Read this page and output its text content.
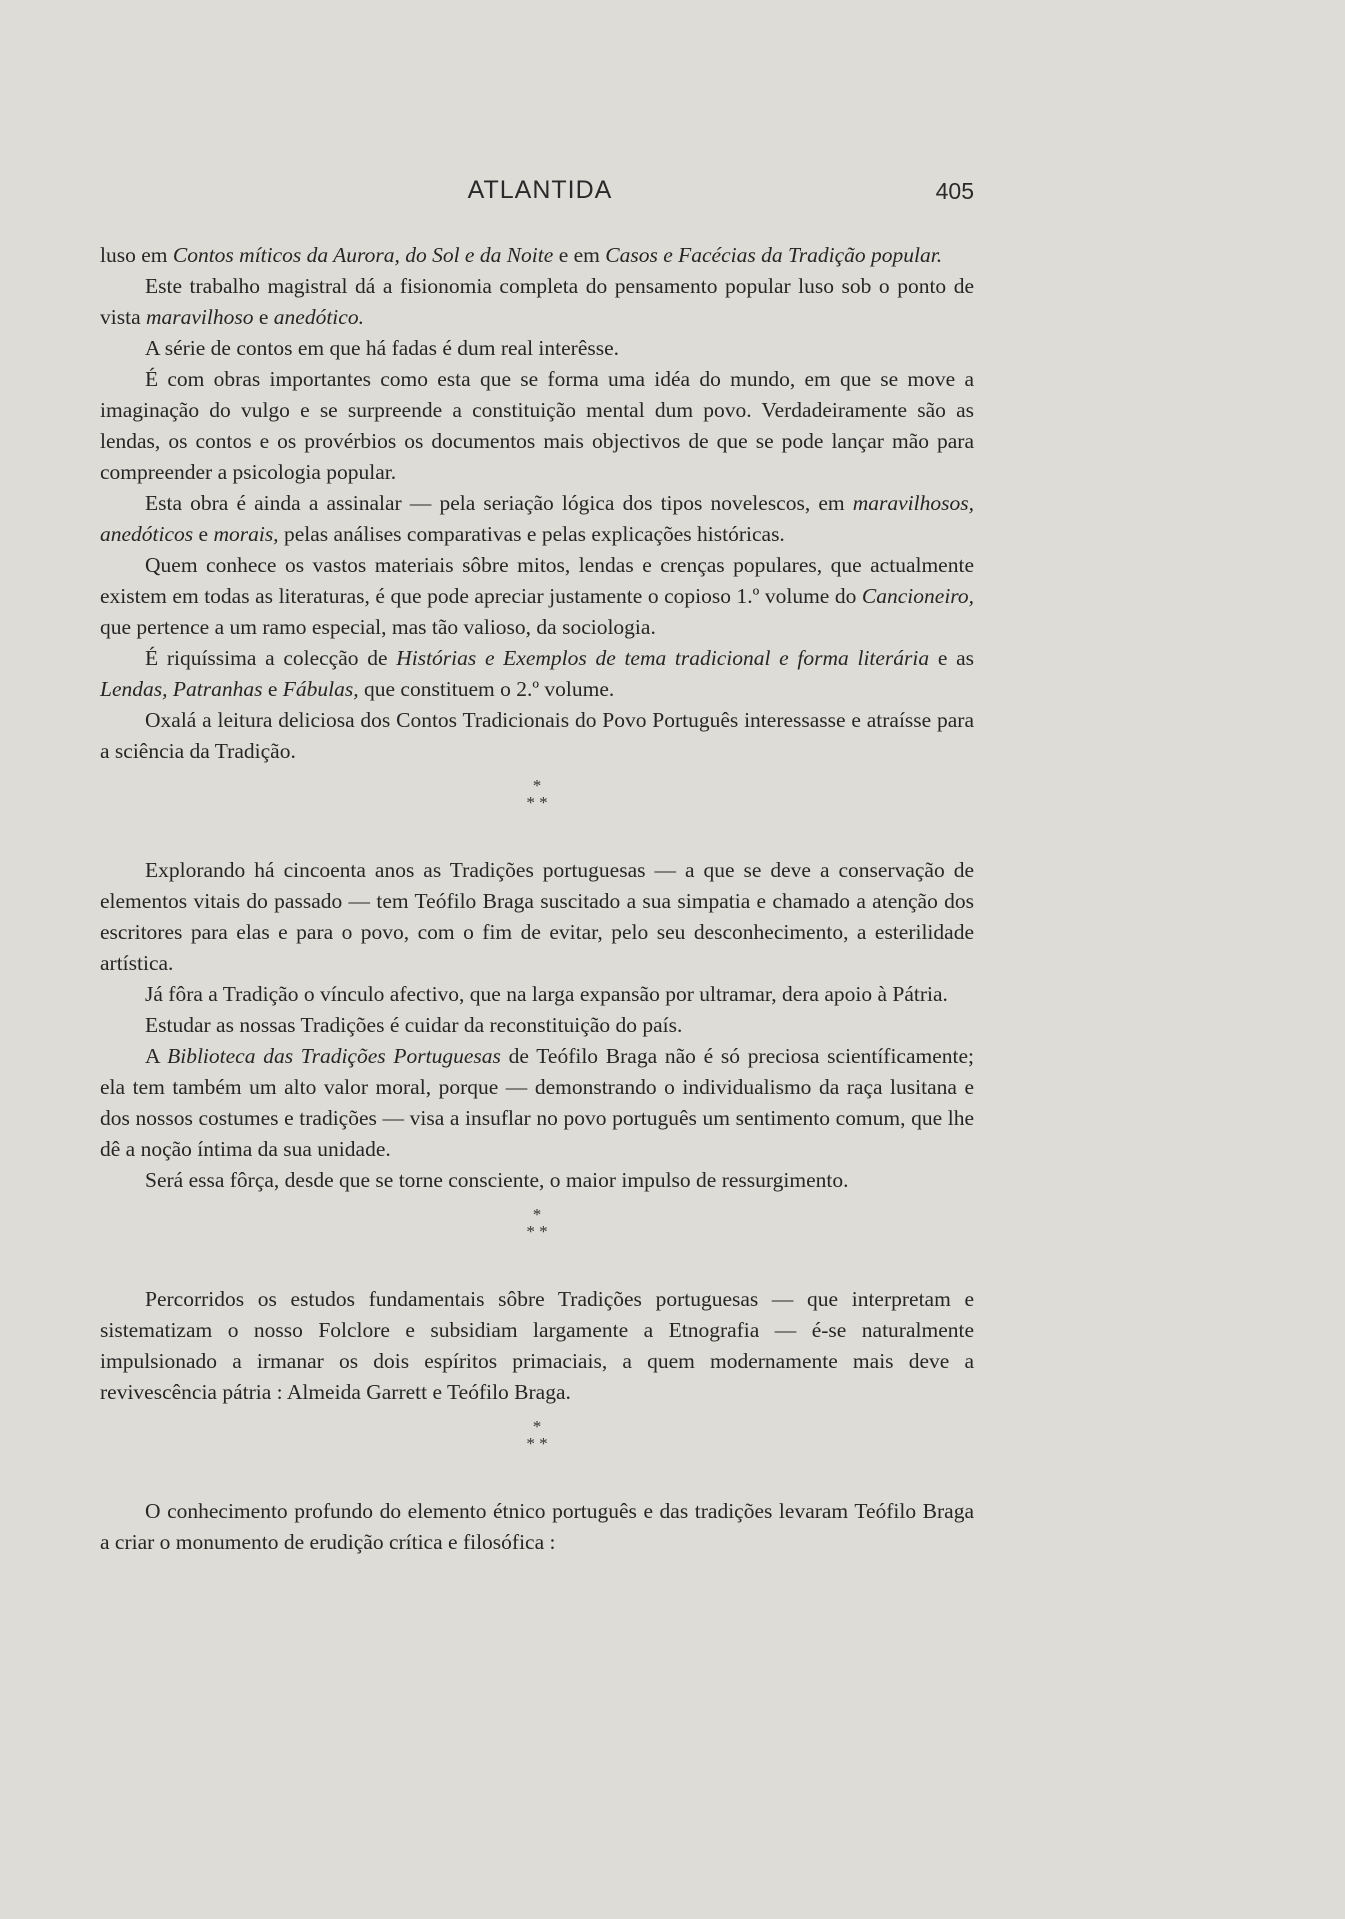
ATLANTIDA	405

luso em Contos míticos da Aurora, do Sol e da Noite e em Casos e Facécias da Tradição popular.

Este trabalho magistral dá a fisionomia completa do pensamento popular luso sob o ponto de vista maravilhoso e anedótico.

A série de contos em que há fadas é dum real interêsse.

É com obras importantes como esta que se forma uma idéa do mundo, em que se move a imaginação do vulgo e se surpreende a constituição mental dum povo. Verdadeiramente são as lendas, os contos e os provérbios os documentos mais objectivos de que se pode lançar mão para compreender a psicologia popular.

Esta obra é ainda a assinalar — pela seriação lógica dos tipos novelescos, em maravilhosos, anedóticos e morais, pelas análises comparativas e pelas explicações históricas.

Quem conhece os vastos materiais sôbre mitos, lendas e crenças populares, que actualmente existem em todas as literaturas, é que pode apreciar justamente o copioso 1.º volume do Cancioneiro, que pertence a um ramo especial, mas tão valioso, da sociologia.

É riquíssima a colecção de Histórias e Exemplos de tema tradicional e forma literária e as Lendas, Patranhas e Fábulas, que constituem o 2.º volume.

Oxalá a leitura deliciosa dos Contos Tradicionais do Povo Português interessasse e atraísse para a sciência da Tradição.

*
* *

Explorando há cincoenta anos as Tradições portuguesas — a que se deve a conservação de elementos vitais do passado — tem Teófilo Braga suscitado a sua simpatia e chamado a atenção dos escritores para elas e para o povo, com o fim de evitar, pelo seu desconhecimento, a esterilidade artística.

Já fôra a Tradição o vínculo afectivo, que na larga expansão por ultramar, dera apoio à Pátria.

Estudar as nossas Tradições é cuidar da reconstituição do país.

A Biblioteca das Tradições Portuguesas de Teófilo Braga não é só preciosa scientíficamente; ela tem também um alto valor moral, porque — demonstrando o individualismo da raça lusitana e dos nossos costumes e tradições — visa a insuflar no povo português um sentimento comum, que lhe dê a noção íntima da sua unidade.

Será essa fôrça, desde que se torne consciente, o maior impulso de ressurgimento.

*
* *

Percorridos os estudos fundamentais sôbre Tradições portuguesas — que interpretam e sistematizam o nosso Folclore e subsidiam largamente a Etnografia — é-se naturalmente impulsionado a irmanar os dois espíritos primaciais, a quem modernamente mais deve a revivescência pátria : Almeida Garrett e Teófilo Braga.

*
* *

O conhecimento profundo do elemento étnico português e das tradições levaram Teófilo Braga a criar o monumento de erudição crítica e filosófica :
